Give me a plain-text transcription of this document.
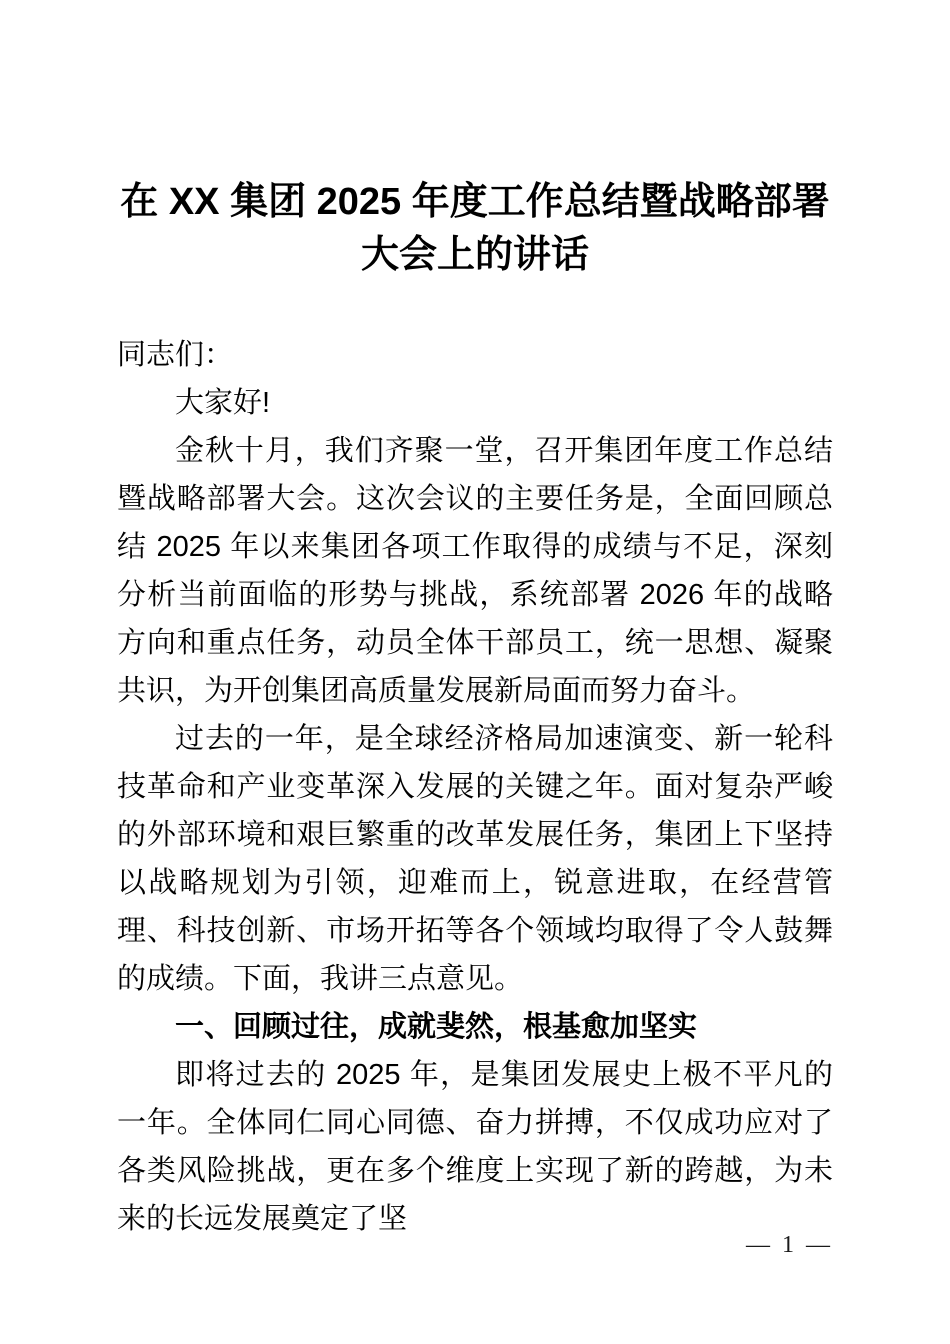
在 XX 集团 2025 年度工作总结暨战略部署大会上的讲话

同志们：

大家好!

金秋十月，我们齐聚一堂，召开集团年度工作总结暨战略部署大会。这次会议的主要任务是，全面回顾总结 2025 年以来集团各项工作取得的成绩与不足，深刻分析当前面临的形势与挑战，系统部署 2026 年的战略方向和重点任务，动员全体干部员工，统一思想、凝聚共识，为开创集团高质量发展新局面而努力奋斗。

过去的一年，是全球经济格局加速演变、新一轮科技革命和产业变革深入发展的关键之年。面对复杂严峻的外部环境和艰巨繁重的改革发展任务，集团上下坚持以战略规划为引领，迎难而上，锐意进取，在经营管理、科技创新、市场开拓等各个领域均取得了令人鼓舞的成绩。下面，我讲三点意见。

一、回顾过往，成就斐然，根基愈加坚实

即将过去的 2025 年，是集团发展史上极不平凡的一年。全体同仁同心同德、奋力拼搏，不仅成功应对了各类风险挑战，更在多个维度上实现了新的跨越，为未来的长远发展奠定了坚

— 1 —
